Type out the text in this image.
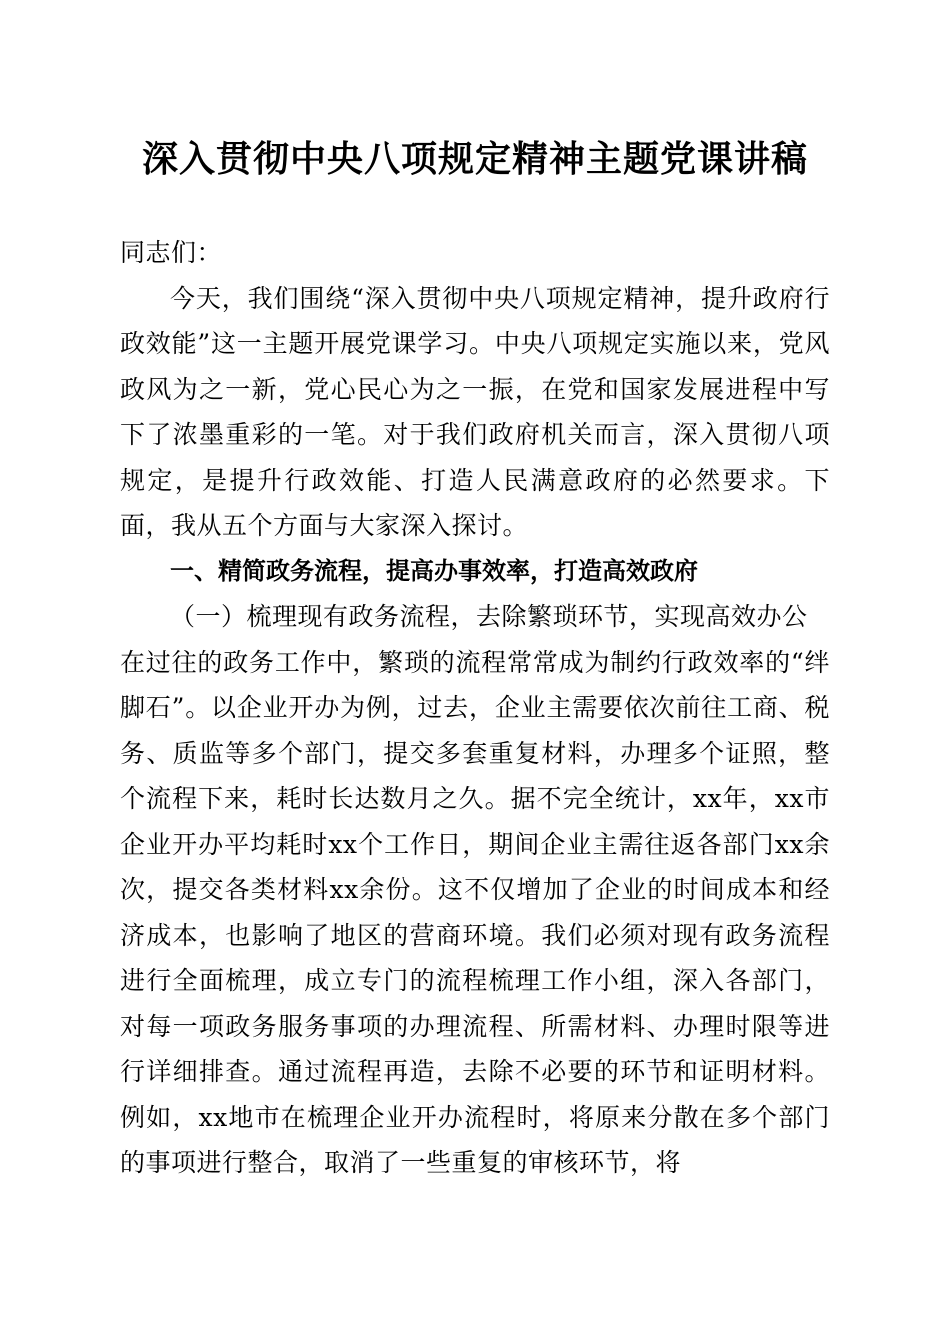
深入贯彻中央八项规定精神主题党课讲稿

同志们：

今天，我们围绕“深入贯彻中央八项规定精神，提升政府行政效能”这一主题开展党课学习。中央八项规定实施以来，党风政风为之一新，党心民心为之一振，在党和国家发展进程中写下了浓墨重彩的一笔。对于我们政府机关而言，深入贯彻八项规定，是提升行政效能、打造人民满意政府的必然要求。下面，我从五个方面与大家深入探讨。

一、精简政务流程，提高办事效率，打造高效政府

（一）梳理现有政务流程，去除繁琐环节，实现高效办公

在过往的政务工作中，繁琐的流程常常成为制约行政效率的“绊脚石”。以企业开办为例，过去，企业主需要依次前往工商、税务、质监等多个部门，提交多套重复材料，办理多个证照，整个流程下来，耗时长达数月之久。据不完全统计，xx年，xx市企业开办平均耗时xx个工作日，期间企业主需往返各部门xx余次，提交各类材料xx余份。这不仅增加了企业的时间成本和经济成本，也影响了地区的营商环境。我们必须对现有政务流程进行全面梳理，成立专门的流程梳理工作小组，深入各部门，对每一项政务服务事项的办理流程、所需材料、办理时限等进行详细排查。通过流程再造，去除不必要的环节和证明材料。例如，xx地市在梳理企业开办流程时，将原来分散在多个部门的事项进行整合，取消了一些重复的审核环节，将
